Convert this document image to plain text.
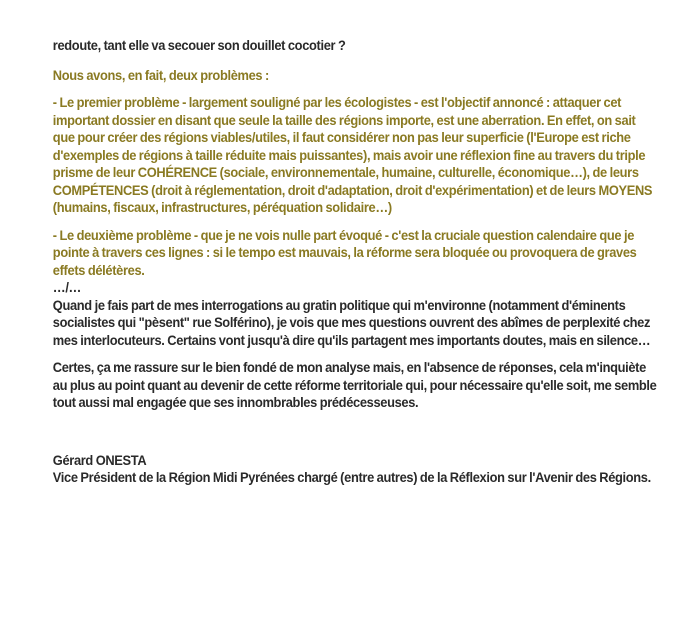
redoute, tant elle va secouer son douillet cocotier ?

Nous avons, en fait, deux problèmes :

- Le premier problème - largement souligné par les écologistes - est l'objectif annoncé : attaquer cet important dossier en disant que seule la taille des régions importe, est une aberration. En effet, on sait que pour créer des régions viables/utiles, il faut considérer non pas leur superficie (l'Europe est riche d'exemples de régions à taille réduite mais puissantes), mais avoir une réflexion fine au travers du triple prisme de leur COHÉRENCE (sociale, environnementale, humaine, culturelle, économique…), de leurs COMPÉTENCES (droit à réglementation, droit d'adaptation, droit d'expérimentation) et de leurs MOYENS (humains, fiscaux, infrastructures, péréquation solidaire…)

- Le deuxième problème - que je ne vois nulle part évoqué - c'est la cruciale question calendaire que je pointe à travers ces lignes : si le tempo est mauvais, la réforme sera bloquée ou provoquera de graves effets délétères.

…/…

Quand je fais part de mes interrogations au gratin politique qui m'environne (notamment d'éminents socialistes qui "pèsent" rue Solférino), je vois que mes questions ouvrent des abîmes de perplexité chez mes interlocuteurs. Certains vont jusqu'à dire qu'ils partagent mes importants doutes, mais en silence…

Certes, ça me rassure sur le bien fondé de mon analyse mais, en l'absence de réponses, cela m'inquiète au plus au point quant au devenir de cette réforme territoriale qui, pour nécessaire qu'elle soit, me semble tout aussi mal engagée que ses innombrables prédécesseuses.

Gérard ONESTA

Vice Président de la Région Midi Pyrénées chargé (entre autres) de la Réflexion sur l'Avenir des Régions.
